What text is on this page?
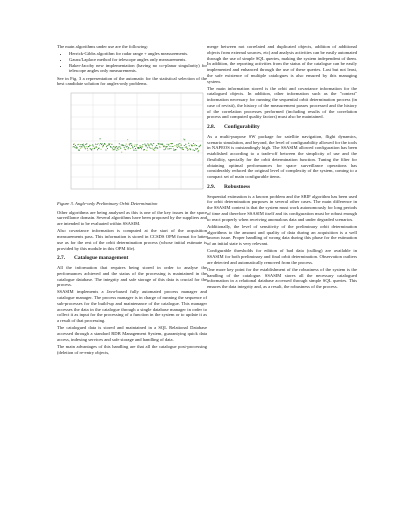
The main algorithms under use are the following:

• Herrick-Gibbs algorithm for radar range + angles measurements.
• Gauss/Laplace method for telescope angles only measurements.
• Baker-Jacoby new implementation (having no co-planar singularity) for telescope angles only measurements.

See in Fig. 3 a representation of the automatic for the statistical selection of the best candidate solution for angles-only problems.

Figure 3. Angle-only Preliminary Orbit Determination

Other algorithms are being analysed as this is one of the key issues in the space surveillance domain. Several algorithms have been proposed by the suppliers and are intended to be evaluated within SSASIM.

Also covariance information is computed at the start of the acquisition measurements pass. This information is stored in CCSDS OPM format for latter use as for the rest of the orbit determination process (whose initial estimate is provided by this module in this OPM file).

2.7. Catalogue management

All the information that requires being stored in order to analyse the performances achieved and the status of the processing is maintained in the catalogue database. The integrity and safe storage of this data is crucial for the process.

SSASIM implements a Java-based fully automated process manager and catalogue manager. The process manager is in charge of running the sequence of sub-processes for the build-up and maintenance of the catalogue. This manager accesses the data in the catalogue through a single database manager in order to collect it as input for the processing of a function in the system or to update it as a result of that processing.

The catalogued data is stored and maintained in a SQL Relational Database accessed through a standard RDB Management System, guarantying quick data access, indexing services and safe storage and handling of data.

The main advantages of this handling are that all the catalogue post-processing (deletion of re-entry objects,

merge between not correlated and duplicated objects, addition of additional objects from external sources, etc) and analysis activities can be easily automated through the use of simple SQL queries, making the system independent of them. In addition, the reporting activities from the status of the catalogue can be easily implemented and enhanced through the use of these queries. Last but not least, the safe existence of multiple catalogues is also ensured by this managing system.

The main information stored is the orbit and covariance information for the catalogued objects. In addition, other information such as the "context" information necessary for running the sequential orbit determination process (in case of revisit), the history of the measurement passes processed and the history of the correlation processes performed (including results of the correlation process and computed quality factors) must also be maintained.

2.8. Configurability

As a multi-purpose SW package for satellite navigation, flight dynamics, scenario simulation, and beyond, the level of configurability allowed for the tools in NAPEOS is outstandingly high. The SSASIM allowed configuration has been established according to a trade-off between the simplicity of use and the flexibility, specially for the orbit determination function. Tuning the filter for obtaining optimal performances for space surveillance operations has considerably reduced the original level of complexity of the system, coming to a compact set of main configurable items.

2.9. Robustness

Sequential estimation is a known problem and the SRIF algorithm has been used for orbit determination purposes in several other cases. The main difference in the SSASIM context is that the system must work autonomously for long periods of time and therefore SSASIM itself and its configuration must be robust enough to react properly when receiving anomalous data and under degraded scenarios.

Additionally, the level of sensitivity of the preliminary orbit determination algorithms to the amount and quality of data during an acquisition is a well known issue. Proper handling of wrong data during this phase for the estimation of an initial state is very relevant.

Configurable thresholds for edition of bad data (culling) are available in SSASIM for both preliminary and final orbit determination. Observation outliers are detected and automatically removed from the process.

One more key point for the establishment of the robustness of the system is the handling of the catalogue. SSASIM stores all the necessary catalogued information in a relational database accessed through simple SQL queries. This ensures the data integrity and, as a result, the robustness of the process.
